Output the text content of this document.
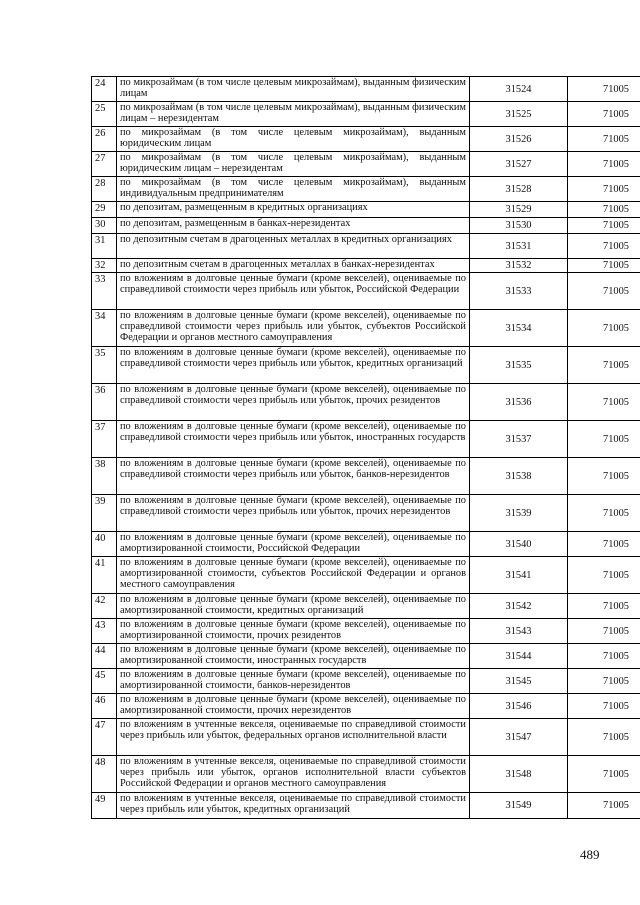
24	по микрозаймам (в том числе целевым микрозаймам), выданным физическим лицам	31524	71005
25	по микрозаймам (в том числе целевым микрозаймам), выданным физическим лицам – нерезидентам	31525	71005
26	по микрозаймам (в том числе целевым микрозаймам), выданным юридическим лицам	31526	71005
27	по микрозаймам (в том числе целевым микрозаймам), выданным юридическим лицам – нерезидентам	31527	71005
28	по микрозаймам (в том числе целевым микрозаймам), выданным индивидуальным предпринимателям	31528	71005
29	по депозитам, размещенным в кредитных организациях	31529	71005
30	по депозитам, размещенным в банках-нерезидентах	31530	71005
31	по депозитным счетам в драгоценных металлах в кредитных организациях	31531	71005
32	по депозитным счетам в драгоценных металлах в банках-нерезидентах	31532	71005
33	по вложениям в долговые ценные бумаги (кроме векселей), оцениваемые по справедливой стоимости через прибыль или убыток, Российской Федерации	31533	71005
34	по вложениям в долговые ценные бумаги (кроме векселей), оцениваемые по справедливой стоимости через прибыль или убыток, субъектов Российской Федерации и органов местного самоуправления	31534	71005
35	по вложениям в долговые ценные бумаги (кроме векселей), оцениваемые по справедливой стоимости через прибыль или убыток, кредитных организаций	31535	71005
36	по вложениям в долговые ценные бумаги (кроме векселей), оцениваемые по справедливой стоимости через прибыль или убыток, прочих резидентов	31536	71005
37	по вложениям в долговые ценные бумаги (кроме векселей), оцениваемые по справедливой стоимости через прибыль или убыток, иностранных государств	31537	71005
38	по вложениям в долговые ценные бумаги (кроме векселей), оцениваемые по справедливой стоимости через прибыль или убыток, банков-нерезидентов	31538	71005
39	по вложениям в долговые ценные бумаги (кроме векселей), оцениваемые по справедливой стоимости через прибыль или убыток, прочих нерезидентов	31539	71005
40	по вложениям в долговые ценные бумаги (кроме векселей), оцениваемые по амортизированной стоимости, Российской Федерации	31540	71005
41	по вложениям в долговые ценные бумаги (кроме векселей), оцениваемые по амортизированной стоимости, субъектов Российской Федерации и органов местного самоуправления	31541	71005
42	по вложениям в долговые ценные бумаги (кроме векселей), оцениваемые по амортизированной стоимости, кредитных организаций	31542	71005
43	по вложениям в долговые ценные бумаги (кроме векселей), оцениваемые по амортизированной стоимости, прочих резидентов	31543	71005
44	по вложениям в долговые ценные бумаги (кроме векселей), оцениваемые по амортизированной стоимости, иностранных государств	31544	71005
45	по вложениям в долговые ценные бумаги (кроме векселей), оцениваемые по амортизированной стоимости, банков-нерезидентов	31545	71005
46	по вложениям в долговые ценные бумаги (кроме векселей), оцениваемые по амортизированной стоимости, прочих нерезидентов	31546	71005
47	по вложениям в учтенные векселя, оцениваемые по справедливой стоимости через прибыль или убыток, федеральных органов исполнительной власти	31547	71005
48	по вложениям в учтенные векселя, оцениваемые по справедливой стоимости через прибыль или убыток, органов исполнительной власти субъектов Российской Федерации и органов местного самоуправления	31548	71005
49	по вложениям в учтенные векселя, оцениваемые по справедливой стоимости через прибыль или убыток, кредитных организаций	31549	71005
489
